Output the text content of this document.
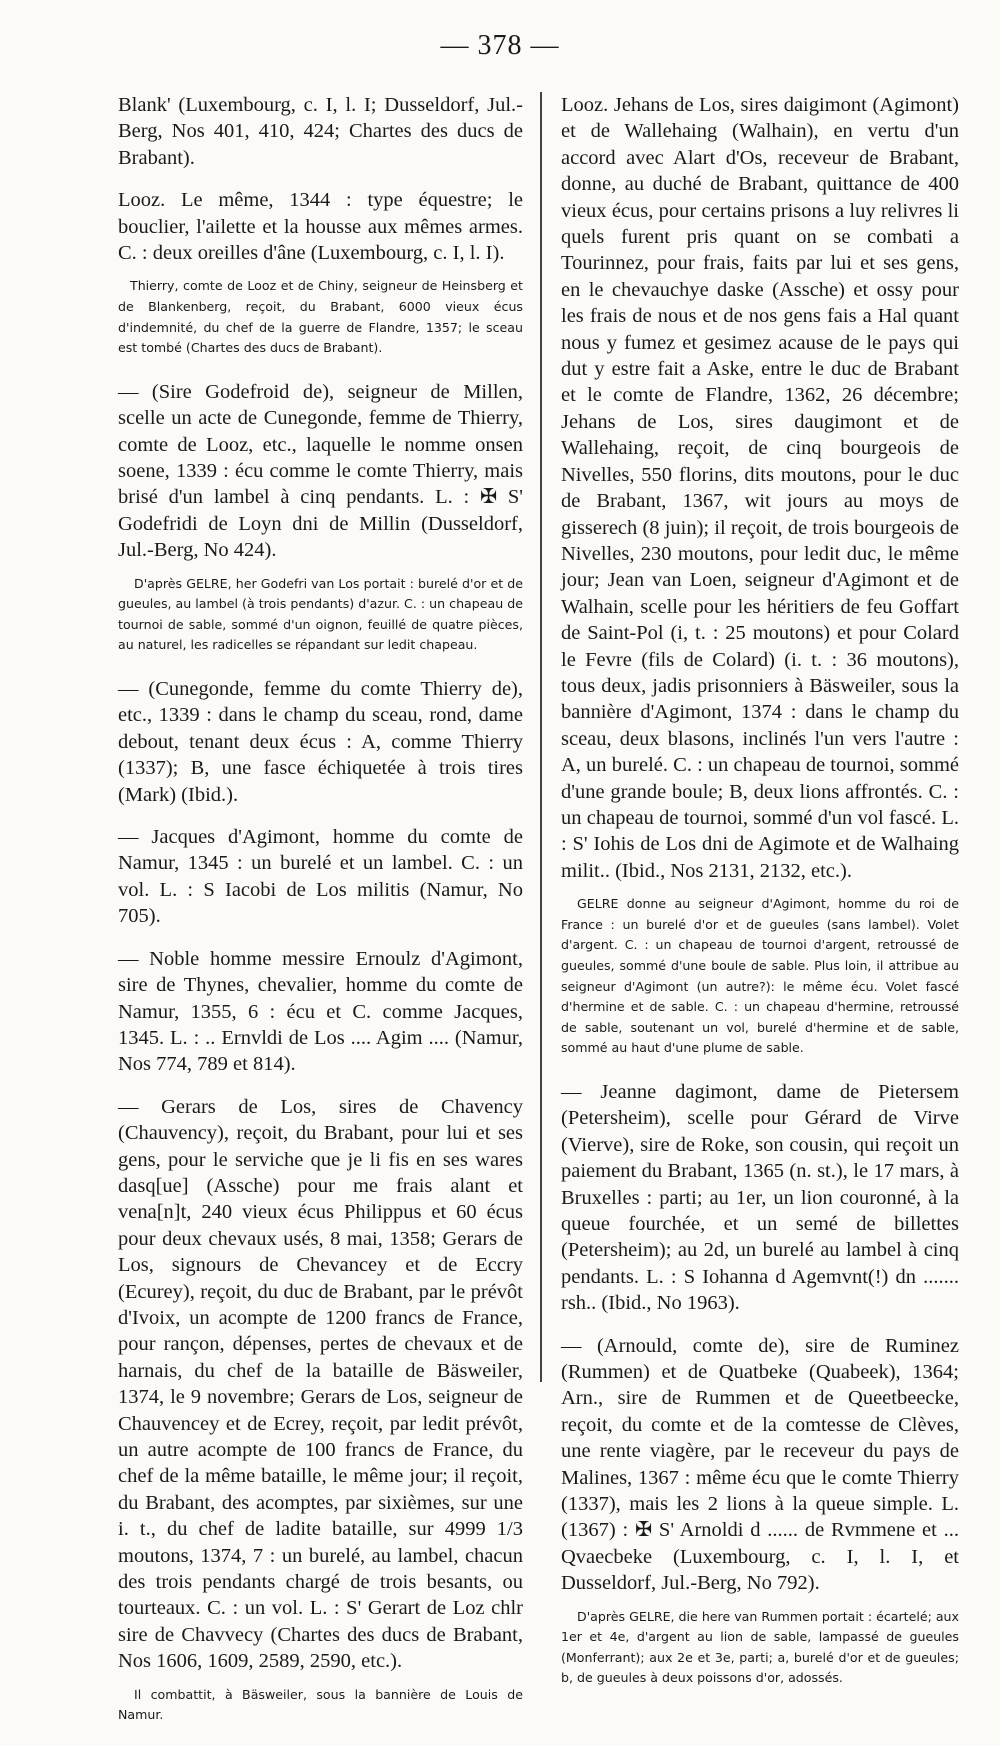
— 378 —

Blank' (Luxembourg, c. I, l. I; Dusseldorf, Jul.-Berg, Nos 401, 410, 424; Chartes des ducs de Brabant).

Looz. Le même, 1344 : type équestre; le bouclier, l'ailette et la housse aux mêmes armes. C. : deux oreilles d'âne (Luxembourg, c. I, l. I).

Thierry, comte de Looz et de Chiny, seigneur de Heinsberg et de Blankenberg, reçoit, du Brabant, 6000 vieux écus d'indemnité, du chef de la guerre de Flandre, 1357; le sceau est tombé (Chartes des ducs de Brabant).

— (Sire Godefroid de), seigneur de Millen, scelle un acte de Cunegonde, femme de Thierry, comte de Looz, etc., laquelle le nomme onsen soene, 1339 : écu comme le comte Thierry, mais brisé d'un lambel à cinq pendants. L. : ✠ S' Godefridi de Loyn dni de Millin (Dusseldorf, Jul.-Berg, No 424).

D'après GELRE, her Godefri van Los portait : burelé d'or et de gueules, au lambel (à trois pendants) d'azur. C. : un chapeau de tournoi de sable, sommé d'un oignon, feuillé de quatre pièces, au naturel, les radicelles se répandant sur ledit chapeau.

— (Cunegonde, femme du comte Thierry de), etc., 1339 : dans le champ du sceau, rond, dame debout, tenant deux écus : A, comme Thierry (1337); B, une fasce échiquetée à trois tires (Mark) (Ibid.).

— Jacques d'Agimont, homme du comte de Namur, 1345 : un burelé et un lambel. C. : un vol. L. : S Iacobi de Los militis (Namur, No 705).

— Noble homme messire Ernoulz d'Agimont, sire de Thynes, chevalier, homme du comte de Namur, 1355, 6 : écu et C. comme Jacques, 1345. L. : .. Ernvldi de Los .... Agim .... (Namur, Nos 774, 789 et 814).

— Gerars de Los, sires de Chavency (Chauvency), reçoit, du Brabant, pour lui et ses gens, pour le serviche que je li fis en ses wares dasq[ue] (Assche) pour me frais alant et vena[n]t, 240 vieux écus Philippus et 60 écus pour deux chevaux usés, 8 mai, 1358; Gerars de Los, signours de Chevancey et de Eccry (Ecurey), reçoit, du duc de Brabant, par le prévôt d'Ivoix, un acompte de 1200 francs de France, pour rançon, dépenses, pertes de chevaux et de harnais, du chef de la bataille de Bäsweiler, 1374, le 9 novembre; Gerars de Los, seigneur de Chauvencey et de Ecrey, reçoit, par ledit prévôt, un autre acompte de 100 francs de France, du chef de la même bataille, le même jour; il reçoit, du Brabant, des acomptes, par sixièmes, sur une i. t., du chef de ladite bataille, sur 4999 1/3 moutons, 1374, 7 : un burelé, au lambel, chacun des trois pendants chargé de trois besants, ou tourteaux. C. : un vol. L. : S' Gerart de Loz chlr sire de Chavvecy (Chartes des ducs de Brabant, Nos 1606, 1609, 2589, 2590, etc.).

Il combattit, à Bäsweiler, sous la bannière de Louis de Namur.

Looz. Jehans de Los, sires daigimont (Agimont) et de Wallehaing (Walhain), en vertu d'un accord avec Alart d'Os, receveur de Brabant, donne, au duché de Brabant, quittance de 400 vieux écus, pour certains prisons a luy relivres li quels furent pris quant on se combati a Tourinnez, pour frais, faits par lui et ses gens, en le chevauchye daske (Assche) et ossy pour les frais de nous et de nos gens fais a Hal quant nous y fumez et gesimez acause de le pays qui dut y estre fait a Aske, entre le duc de Brabant et le comte de Flandre, 1362, 26 décembre; Jehans de Los, sires daugimont et de Wallehaing, reçoit, de cinq bourgeois de Nivelles, 550 florins, dits moutons, pour le duc de Brabant, 1367, wit jours au moys de gisserech (8 juin); il reçoit, de trois bourgeois de Nivelles, 230 moutons, pour ledit duc, le même jour; Jean van Loen, seigneur d'Agimont et de Walhain, scelle pour les héritiers de feu Goffart de Saint-Pol (i, t. : 25 moutons) et pour Colard le Fevre (fils de Colard) (i. t. : 36 moutons), tous deux, jadis prisonniers à Bäsweiler, sous la bannière d'Agimont, 1374 : dans le champ du sceau, deux blasons, inclinés l'un vers l'autre : A, un burelé. C. : un chapeau de tournoi, sommé d'une grande boule; B, deux lions affrontés. C. : un chapeau de tournoi, sommé d'un vol fascé. L. : S' Iohis de Los dni de Agimote et de Walhaing milit.. (Ibid., Nos 2131, 2132, etc.).

GELRE donne au seigneur d'Agimont, homme du roi de France : un burelé d'or et de gueules (sans lambel). Volet d'argent. C. : un chapeau de tournoi d'argent, retroussé de gueules, sommé d'une boule de sable. Plus loin, il attribue au seigneur d'Agimont (un autre?): le même écu. Volet fascé d'hermine et de sable. C. : un chapeau d'hermine, retroussé de sable, soutenant un vol, burelé d'hermine et de sable, sommé au haut d'une plume de sable.

— Jeanne dagimont, dame de Pietersem (Petersheim), scelle pour Gérard de Virve (Vierve), sire de Roke, son cousin, qui reçoit un paiement du Brabant, 1365 (n. st.), le 17 mars, à Bruxelles : parti; au 1er, un lion couronné, à la queue fourchée, et un semé de billettes (Petersheim); au 2d, un burelé au lambel à cinq pendants. L. : S Iohanna d Agemvnt(!) dn ....... rsh.. (Ibid., No 1963).

— (Arnould, comte de), sire de Ruminez (Rummen) et de Quatbeke (Quabeek), 1364; Arn., sire de Rummen et de Queetbeecke, reçoit, du comte et de la comtesse de Clèves, une rente viagère, par le receveur du pays de Malines, 1367 : même écu que le comte Thierry (1337), mais les 2 lions à la queue simple. L. (1367) : ✠ S' Arnoldi d ...... de Rvmmene et ... Qvaecbeke (Luxembourg, c. I, l. I, et Dusseldorf, Jul.-Berg, No 792).

D'après GELRE, die here van Rummen portait : écartelé; aux 1er et 4e, d'argent au lion de sable, lampassé de gueules (Monferrant); aux 2e et 3e, parti; a, burelé d'or et de gueules; b, de gueules à deux poissons d'or, adossés.
